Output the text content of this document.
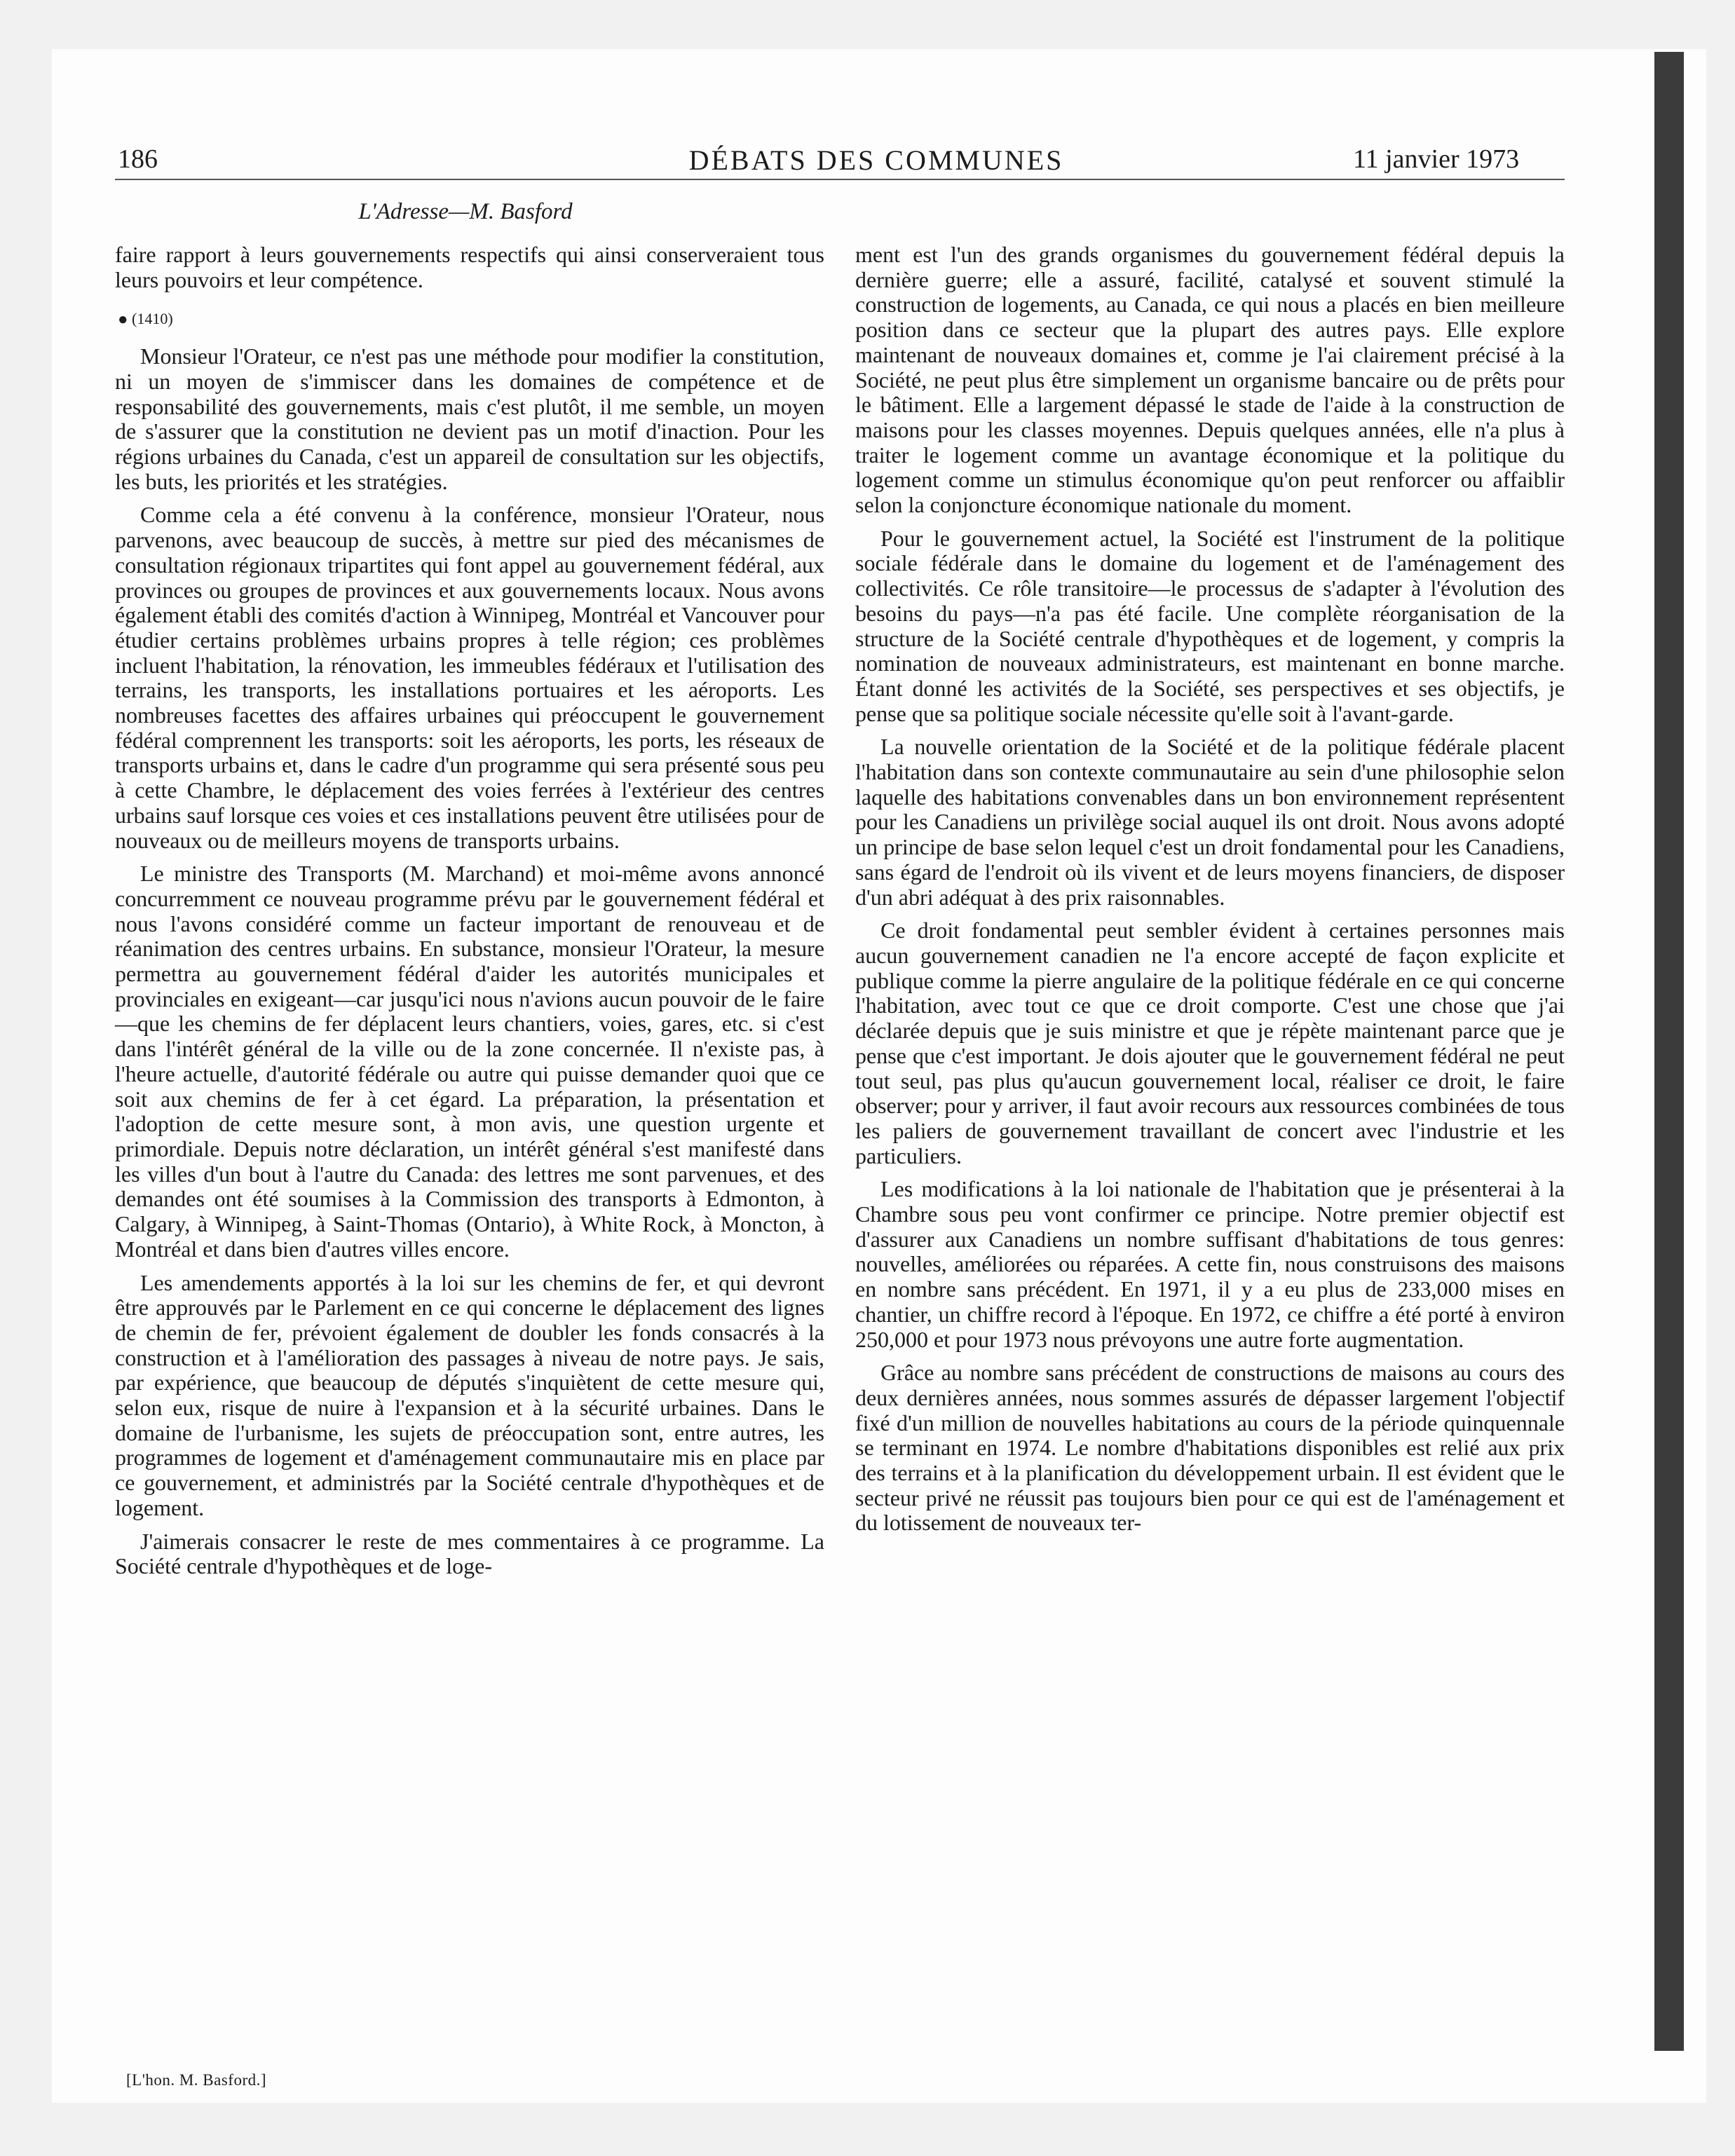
186	DÉBATS DES COMMUNES	11 janvier 1973
L'Adresse—M. Basford

faire rapport à leurs gouvernements respectifs qui ainsi conserveraient tous leurs pouvoirs et leur compétence.

● (1410)

Monsieur l'Orateur, ce n'est pas une méthode pour modifier la constitution, ni un moyen de s'immiscer dans les domaines de compétence et de responsabilité des gouvernements, mais c'est plutôt, il me semble, un moyen de s'assurer que la constitution ne devient pas un motif d'inaction. Pour les régions urbaines du Canada, c'est un appareil de consultation sur les objectifs, les buts, les priorités et les stratégies.

Comme cela a été convenu à la conférence, monsieur l'Orateur, nous parvenons, avec beaucoup de succès, à mettre sur pied des mécanismes de consultation régionaux tripartites qui font appel au gouvernement fédéral, aux provinces ou groupes de provinces et aux gouvernements locaux. Nous avons également établi des comités d'action à Winnipeg, Montréal et Vancouver pour étudier certains problèmes urbains propres à telle région; ces problèmes incluent l'habitation, la rénovation, les immeubles fédéraux et l'utilisation des terrains, les transports, les installations portuaires et les aéroports. Les nombreuses facettes des affaires urbaines qui préoccupent le gouvernement fédéral comprennent les transports: soit les aéroports, les ports, les réseaux de transports urbains et, dans le cadre d'un programme qui sera présenté sous peu à cette Chambre, le déplacement des voies ferrées à l'extérieur des centres urbains sauf lorsque ces voies et ces installations peuvent être utilisées pour de nouveaux ou de meilleurs moyens de transports urbains.

Le ministre des Transports (M. Marchand) et moi-même avons annoncé concurremment ce nouveau programme prévu par le gouvernement fédéral et nous l'avons considéré comme un facteur important de renouveau et de réanimation des centres urbains. En substance, monsieur l'Orateur, la mesure permettra au gouvernement fédéral d'aider les autorités municipales et provinciales en exigeant—car jusqu'ici nous n'avions aucun pouvoir de le faire—que les chemins de fer déplacent leurs chantiers, voies, gares, etc. si c'est dans l'intérêt général de la ville ou de la zone concernée. Il n'existe pas, à l'heure actuelle, d'autorité fédérale ou autre qui puisse demander quoi que ce soit aux chemins de fer à cet égard. La préparation, la présentation et l'adoption de cette mesure sont, à mon avis, une question urgente et primordiale. Depuis notre déclaration, un intérêt général s'est manifesté dans les villes d'un bout à l'autre du Canada: des lettres me sont parvenues, et des demandes ont été soumises à la Commission des transports à Edmonton, à Calgary, à Winnipeg, à Saint-Thomas (Ontario), à White Rock, à Moncton, à Montréal et dans bien d'autres villes encore.

Les amendements apportés à la loi sur les chemins de fer, et qui devront être approuvés par le Parlement en ce qui concerne le déplacement des lignes de chemin de fer, prévoient également de doubler les fonds consacrés à la construction et à l'amélioration des passages à niveau de notre pays. Je sais, par expérience, que beaucoup de députés s'inquiètent de cette mesure qui, selon eux, risque de nuire à l'expansion et à la sécurité urbaines. Dans le domaine de l'urbanisme, les sujets de préoccupation sont, entre autres, les programmes de logement et d'aménagement communautaire mis en place par ce gouvernement, et administrés par la Société centrale d'hypothèques et de logement.

J'aimerais consacrer le reste de mes commentaires à ce programme. La Société centrale d'hypothèques et de loge-

[L'hon. M. Basford.]

ment est l'un des grands organismes du gouvernement fédéral depuis la dernière guerre; elle a assuré, facilité, catalysé et souvent stimulé la construction de logements, au Canada, ce qui nous a placés en bien meilleure position dans ce secteur que la plupart des autres pays. Elle explore maintenant de nouveaux domaines et, comme je l'ai clairement précisé à la Société, ne peut plus être simplement un organisme bancaire ou de prêts pour le bâtiment. Elle a largement dépassé le stade de l'aide à la construction de maisons pour les classes moyennes. Depuis quelques années, elle n'a plus à traiter le logement comme un avantage économique et la politique du logement comme un stimulus économique qu'on peut renforcer ou affaiblir selon la conjoncture économique nationale du moment.

Pour le gouvernement actuel, la Société est l'instrument de la politique sociale fédérale dans le domaine du logement et de l'aménagement des collectivités. Ce rôle transitoire—le processus de s'adapter à l'évolution des besoins du pays—n'a pas été facile. Une complète réorganisation de la structure de la Société centrale d'hypothèques et de logement, y compris la nomination de nouveaux administrateurs, est maintenant en bonne marche. Étant donné les activités de la Société, ses perspectives et ses objectifs, je pense que sa politique sociale nécessite qu'elle soit à l'avant-garde.

La nouvelle orientation de la Société et de la politique fédérale placent l'habitation dans son contexte communautaire au sein d'une philosophie selon laquelle des habitations convenables dans un bon environnement représentent pour les Canadiens un privilège social auquel ils ont droit. Nous avons adopté un principe de base selon lequel c'est un droit fondamental pour les Canadiens, sans égard de l'endroit où ils vivent et de leurs moyens financiers, de disposer d'un abri adéquat à des prix raisonnables.

Ce droit fondamental peut sembler évident à certaines personnes mais aucun gouvernement canadien ne l'a encore accepté de façon explicite et publique comme la pierre angulaire de la politique fédérale en ce qui concerne l'habitation, avec tout ce que ce droit comporte. C'est une chose que j'ai déclarée depuis que je suis ministre et que je répète maintenant parce que je pense que c'est important. Je dois ajouter que le gouvernement fédéral ne peut tout seul, pas plus qu'aucun gouvernement local, réaliser ce droit, le faire observer; pour y arriver, il faut avoir recours aux ressources combinées de tous les paliers de gouvernement travaillant de concert avec l'industrie et les particuliers.

Les modifications à la loi nationale de l'habitation que je présenterai à la Chambre sous peu vont confirmer ce principe. Notre premier objectif est d'assurer aux Canadiens un nombre suffisant d'habitations de tous genres: nouvelles, améliorées ou réparées. A cette fin, nous construisons des maisons en nombre sans précédent. En 1971, il y a eu plus de 233,000 mises en chantier, un chiffre record à l'époque. En 1972, ce chiffre a été porté à environ 250,000 et pour 1973 nous prévoyons une autre forte augmentation.

Grâce au nombre sans précédent de constructions de maisons au cours des deux dernières années, nous sommes assurés de dépasser largement l'objectif fixé d'un million de nouvelles habitations au cours de la période quinquennale se terminant en 1974. Le nombre d'habitations disponibles est relié aux prix des terrains et à la planification du développement urbain. Il est évident que le secteur privé ne réussit pas toujours bien pour ce qui est de l'aménagement et du lotissement de nouveaux ter-
